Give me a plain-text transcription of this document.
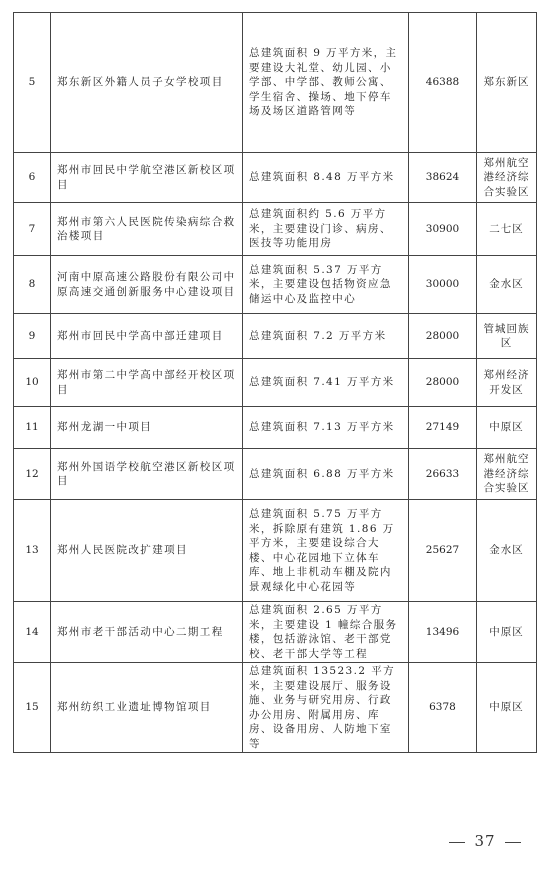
5	郑东新区外籍人员子女学校项目	总建筑面积 9 万平方米，主要建设大礼堂、幼儿园、小学部、中学部、教师公寓、学生宿舍、操场、地下停车场及场区道路管网等	46388	郑东新区
6	郑州市回民中学航空港区新校区项目	总建筑面积 8.48 万平方米	38624	郑州航空港经济综合实验区
7	郑州市第六人民医院传染病综合救治楼项目	总建筑面积约 5.6 万平方米，主要建设门诊、病房、医技等功能用房	30900	二七区
8	河南中原高速公路股份有限公司中原高速交通创新服务中心建设项目	总建筑面积 5.37 万平方米，主要建设包括物资应急储运中心及监控中心	30000	金水区
9	郑州市回民中学高中部迁建项目	总建筑面积 7.2 万平方米	28000	管城回族区
10	郑州市第二中学高中部经开校区项目	总建筑面积 7.41 万平方米	28000	郑州经济开发区
11	郑州龙湖一中项目	总建筑面积 7.13 万平方米	27149	中原区
12	郑州外国语学校航空港区新校区项目	总建筑面积 6.88 万平方米	26633	郑州航空港经济综合实验区
13	郑州人民医院改扩建项目	总建筑面积 5.75 万平方米，拆除原有建筑 1.86 万平方米，主要建设综合大楼、中心花园地下立体车库、地上非机动车棚及院内景观绿化中心花园等	25627	金水区
14	郑州市老干部活动中心二期工程	总建筑面积 2.65 万平方米，主要建设 1 幢综合服务楼，包括游泳馆、老干部党校、老干部大学等工程	13496	中原区
15	郑州纺织工业遗址博物馆项目	总建筑面积 13523.2 平方米，主要建设展厅、服务设施、业务与研究用房、行政办公用房、附属用房、库房、设备用房、人防地下室等	6378	中原区
37
